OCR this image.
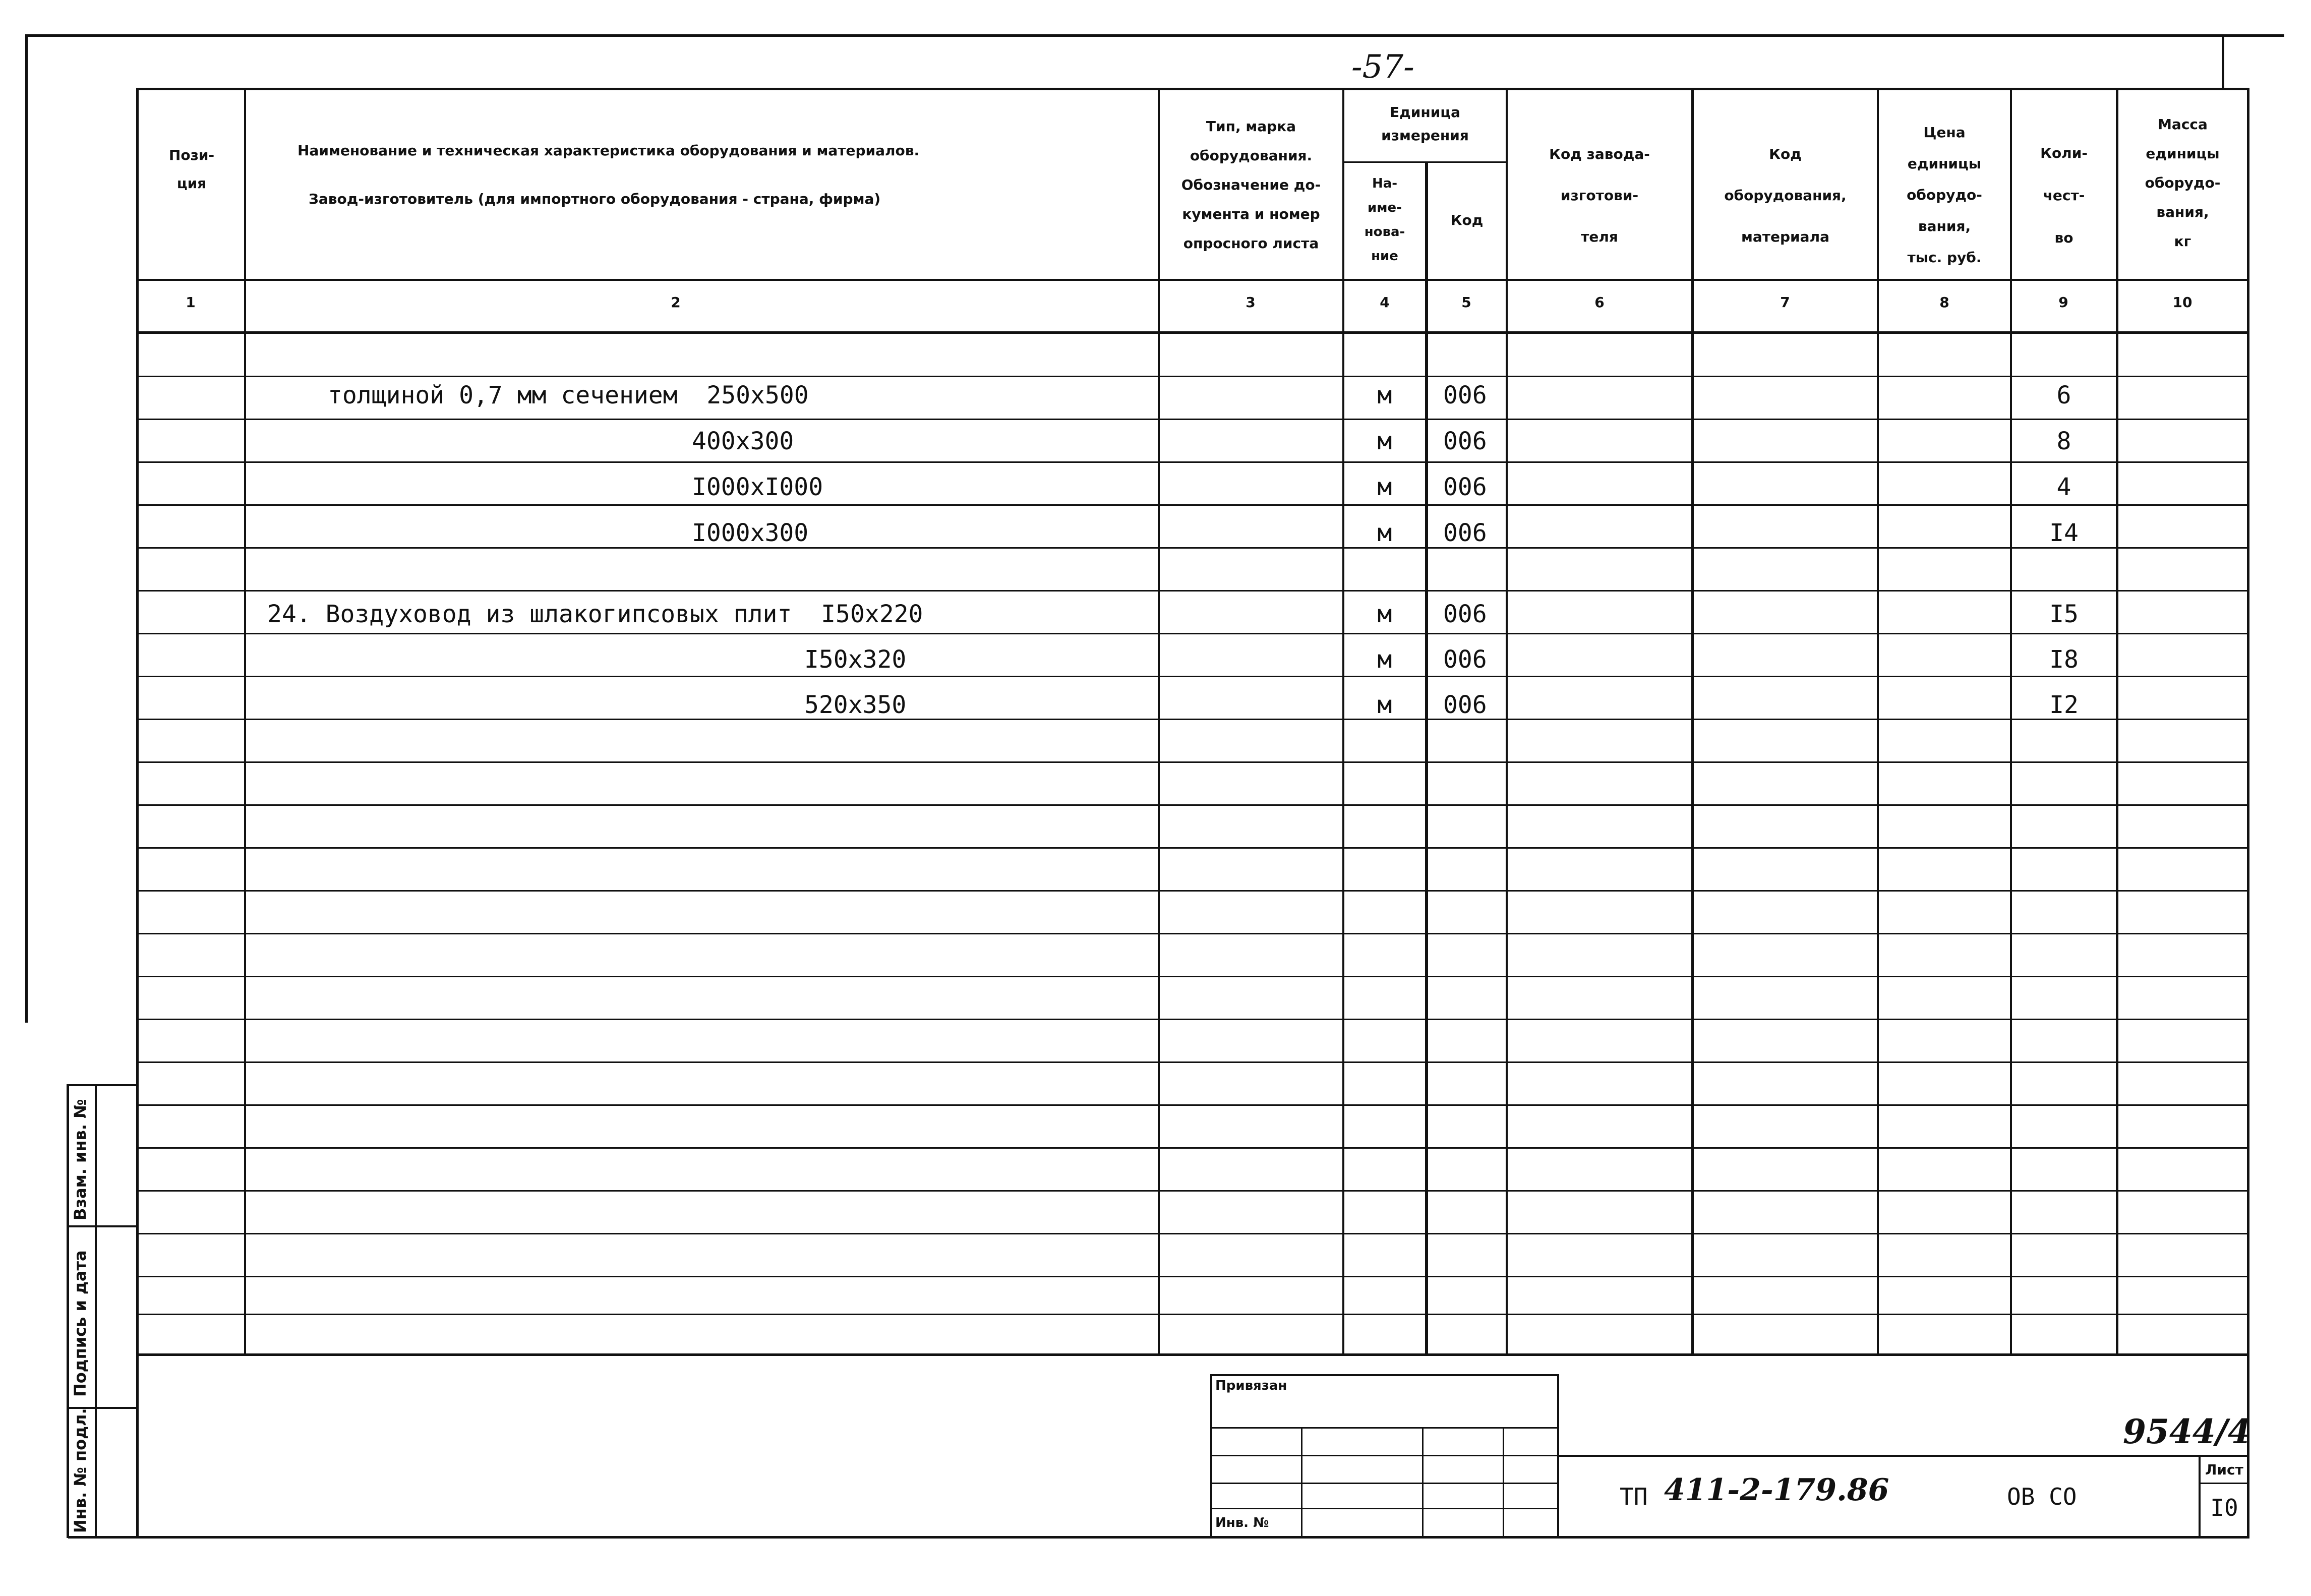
-57-
Пози-
ция
Наименование и техническая характеристика оборудования и материалов.
Завод-изготовитель (для импортного оборудования - страна, фирма)
Тип, марка
оборудования.
Обозначение до-
кумента и номер
опросного листа
Единица
измерения
На-
име-
нова-
ние
Код
Код завода-
изготови-
теля
Код
оборудования,
материала
Цена
единицы
оборудо-
вания,
тыс. руб.
Коли-
чест-
во
Масса
единицы
оборудо-
вания,
кг
1	2	3	4	5	6	7	8	9	10
толщиной 0,7 мм сечением  250х500	м	006	6
400х300	м	006	8
I000хI000	м	006	4
I000х300	м	006	I4
24. Воздуховод из шлакогипсовых плит  I50х220	м	006	I5
I50х320	м	006	I8
520х350	м	006	I2
Взам. инв. №
Подпись и дата
Инв. № подл.
Привязан
Инв. №
ТП 411-2-179.86	ОВ СО
Лист
I0
9544/4
